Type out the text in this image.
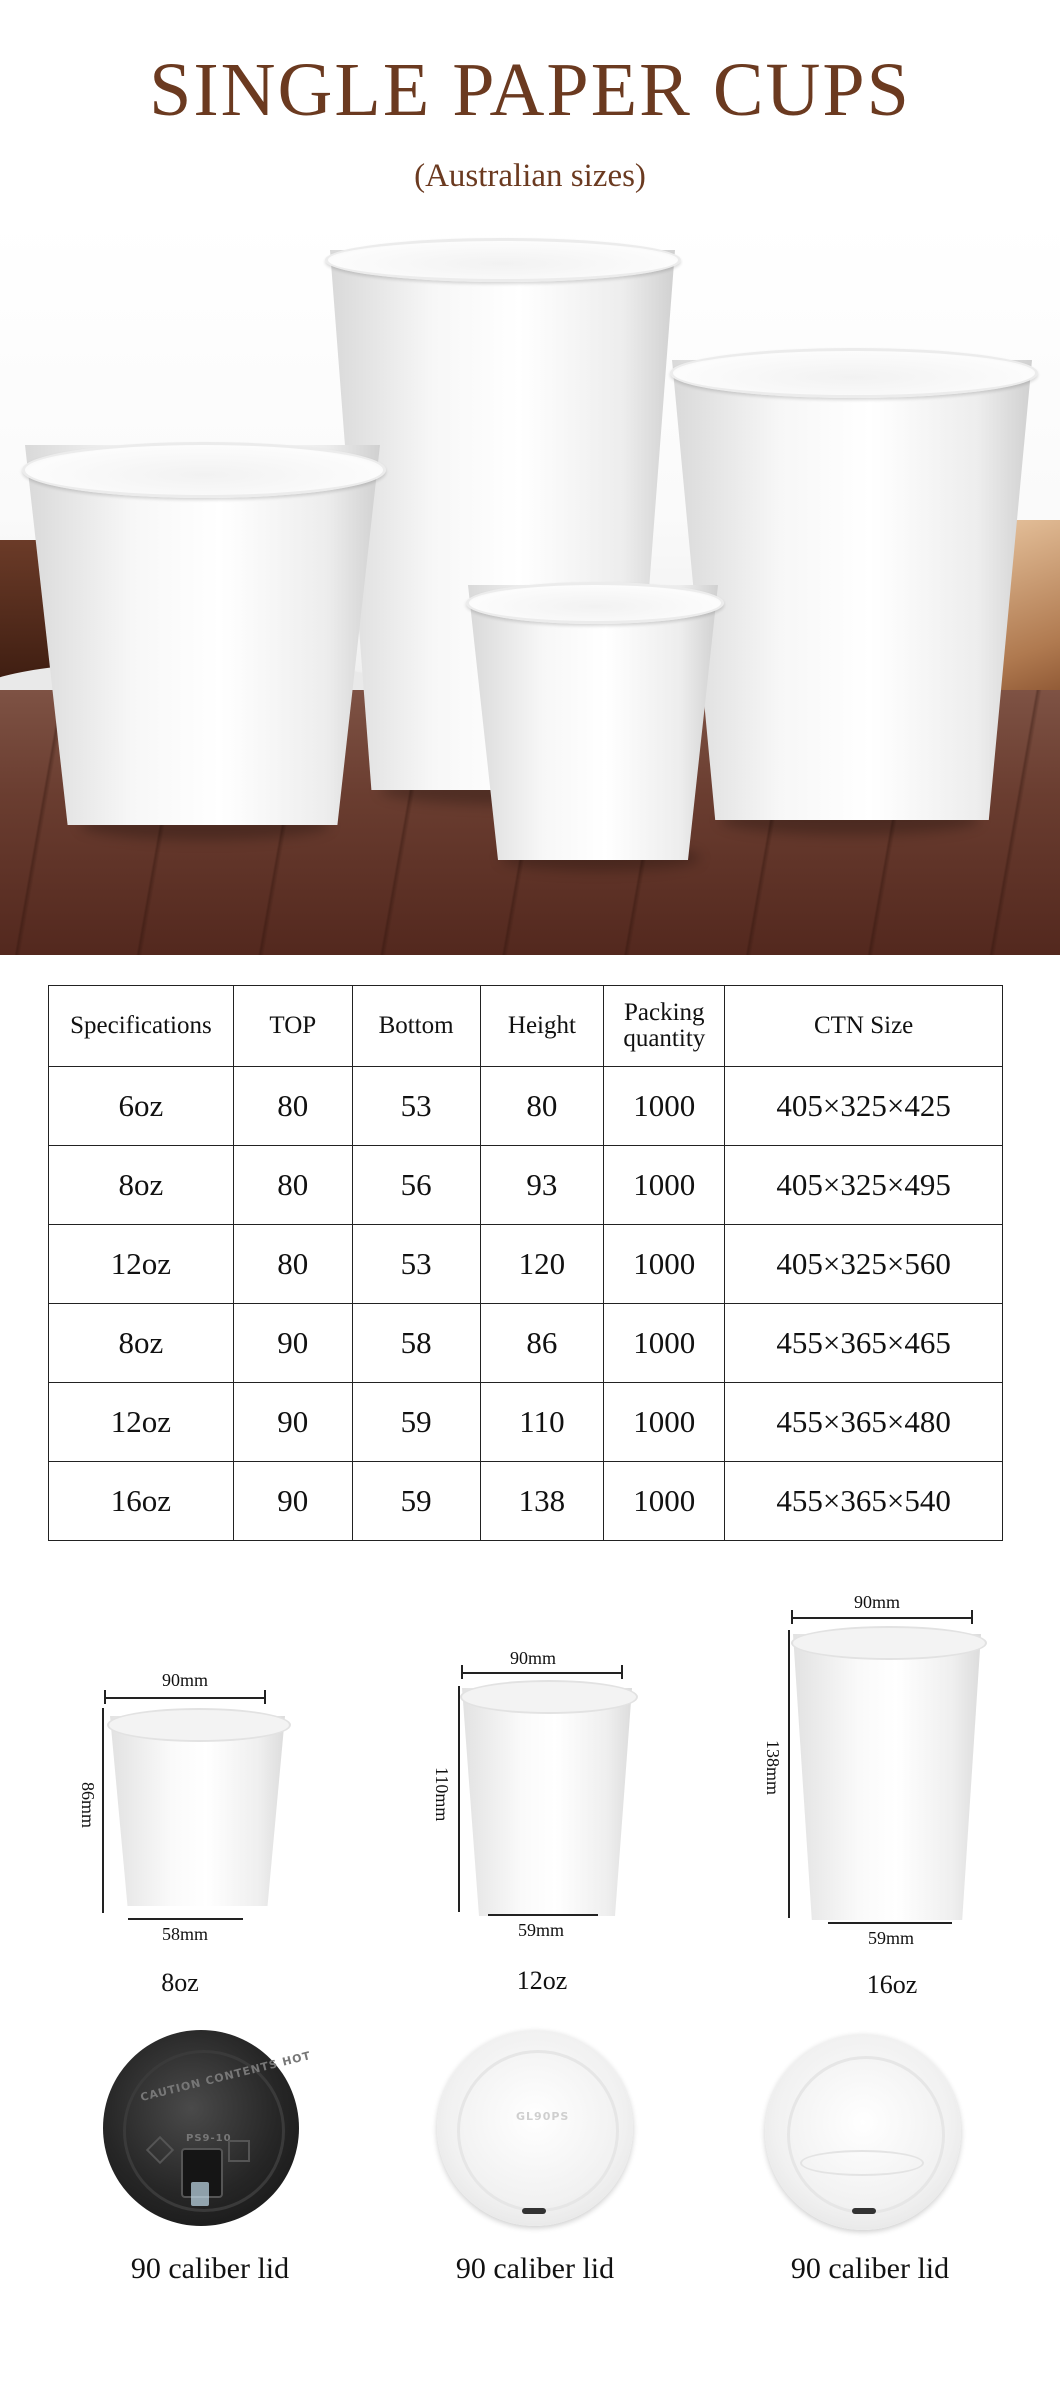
SINGLE PAPER CUPS
(Australian sizes)
Specifications	TOP	Bottom	Height	Packing quantity	CTN Size
6oz	80	53	80	1000	405×325×425
8oz	80	56	93	1000	405×325×495
12oz	80	53	120	1000	405×325×560
8oz	90	58	86	1000	455×365×465
12oz	90	59	110	1000	455×365×480
16oz	90	59	138	1000	455×365×540
90mm
86mm
58mm
8oz
90mm
110mm
59mm
12oz
90mm
138mm
59mm
16oz
CAUTION CONTENTS HOT
PS9-10
90 caliber lid
GL90PS
90 caliber lid	90 caliber lid
